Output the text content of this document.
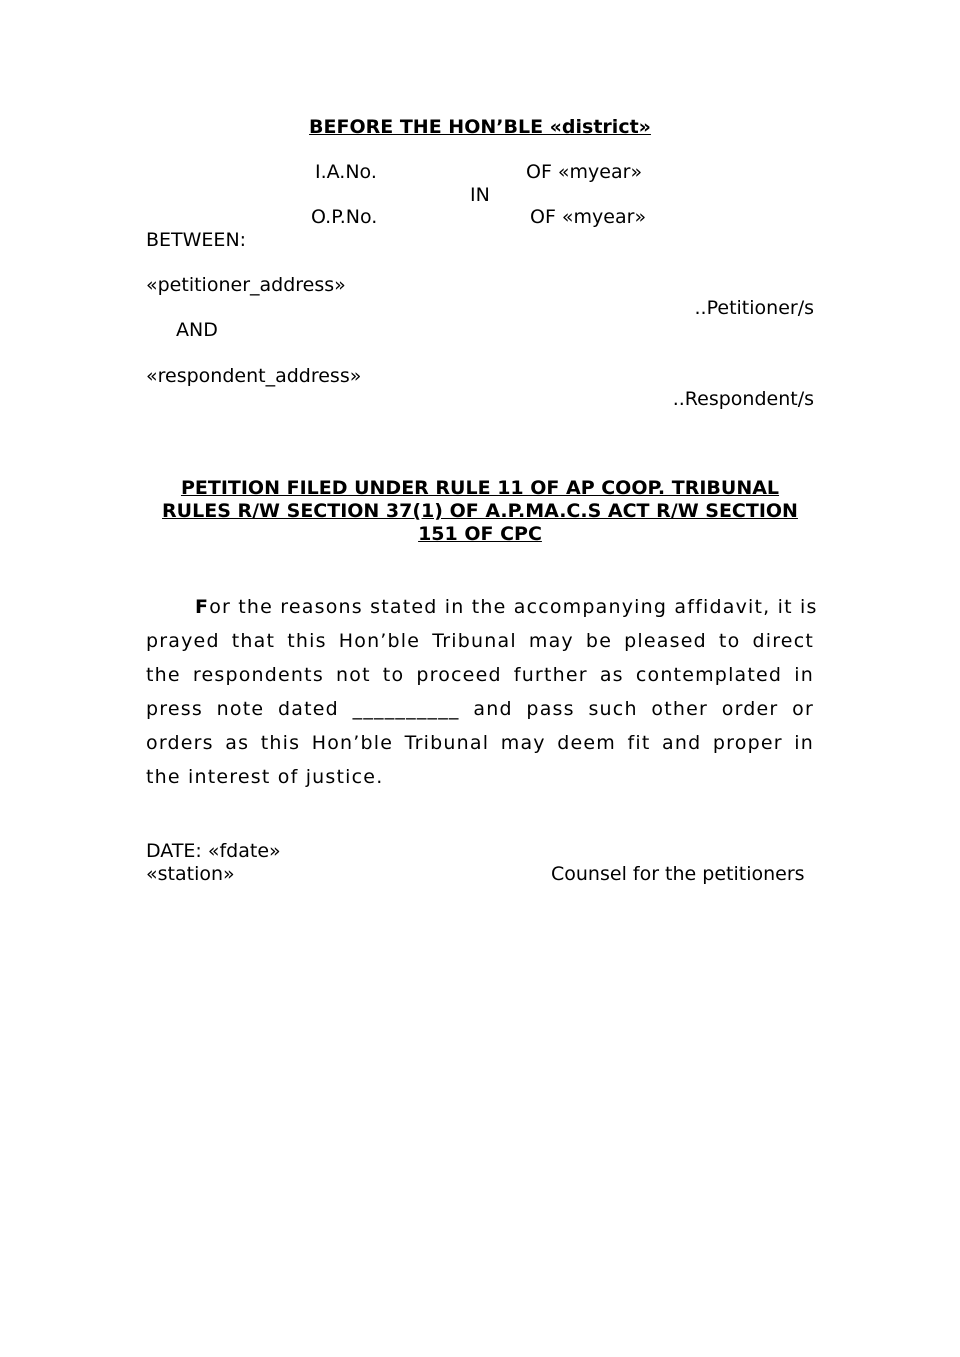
BEFORE THE HON’BLE «district»
I.A.No.	OF «myear»
IN
O.P.No.	OF «myear»
BETWEEN:
«petitioner_address»
..Petitioner/s
AND
«respondent_address»
..Respondent/s
PETITION FILED UNDER RULE 11 OF AP COOP. TRIBUNAL
RULES R/W SECTION 37(1) OF A.P.MA.C.S ACT R/W SECTION
151 OF CPC
For the reasons stated in the accompanying affidavit, it is
prayed that this Hon’ble Tribunal may be pleased to direct
the respondents not to proceed further as contemplated in
press note dated __________ and pass such other order or
orders as this Hon’ble Tribunal may deem fit and proper in
the interest of justice.
DATE: «fdate»
«station»	Counsel for the petitioners
